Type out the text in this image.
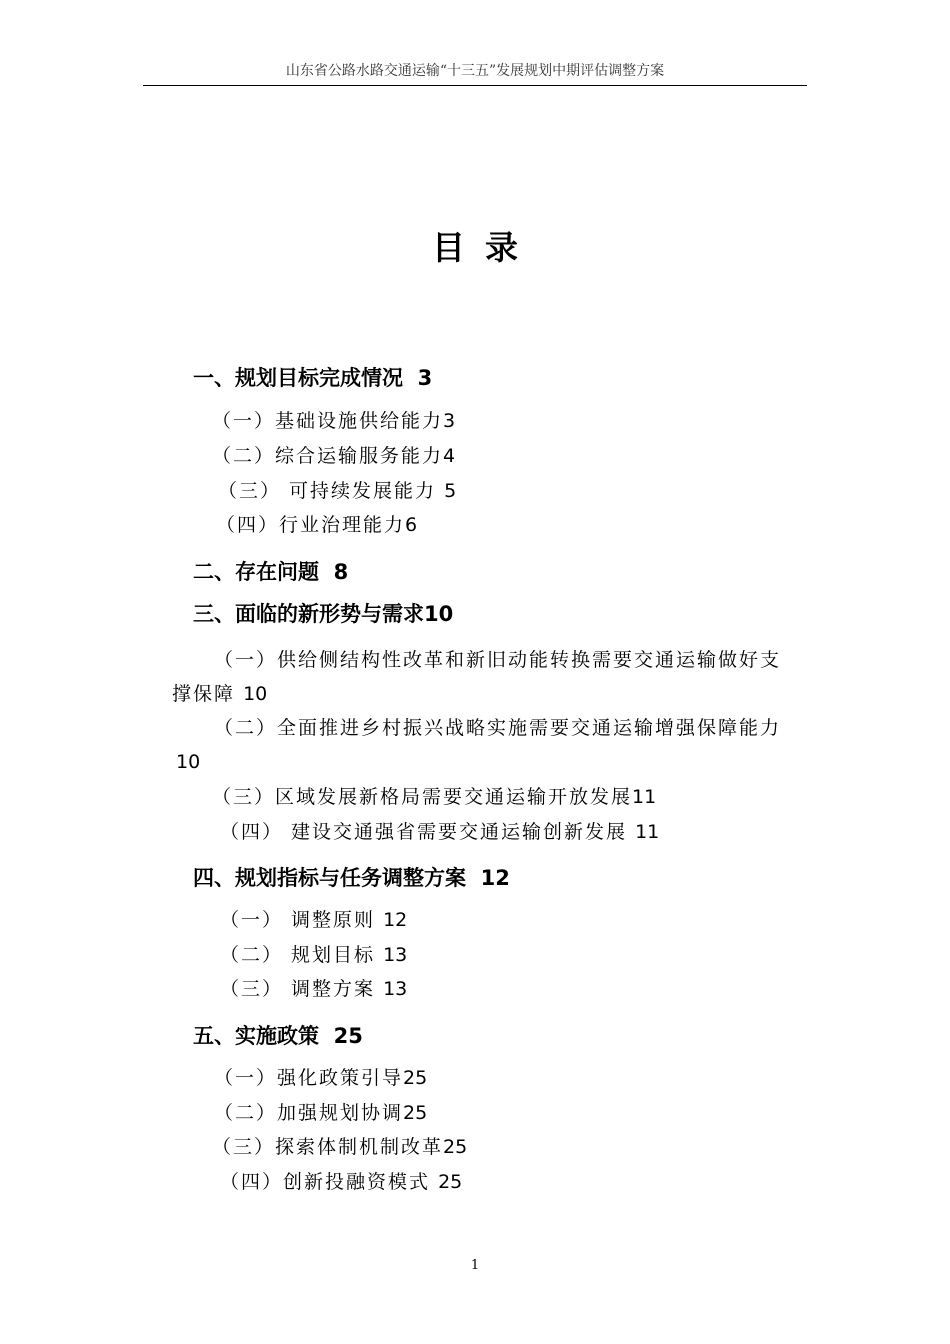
山东省公路水路交通运输“十三五”发展规划中期评估调整方案
目录
一、规划目标完成情况 3
（一）基础设施供给能力3
（二）综合运输服务能力4
（三） 可持续发展能力 5
（四）行业治理能力6
二、存在问题 8
三、面临的新形势与需求10
（一）供给侧结构性改革和新旧动能转换需要交通运输做好支
撑保障 10
（二）全面推进乡村振兴战略实施需要交通运输增强保障能力
10
（三）区域发展新格局需要交通运输开放发展11
（四） 建设交通强省需要交通运输创新发展 11
四、规划指标与任务调整方案 12
（一） 调整原则 12
（二） 规划目标 13
（三） 调整方案 13
五、实施政策 25
（一）强化政策引导25
（二）加强规划协调25
（三）探索体制机制改革25
（四）创新投融资模式 25
1
